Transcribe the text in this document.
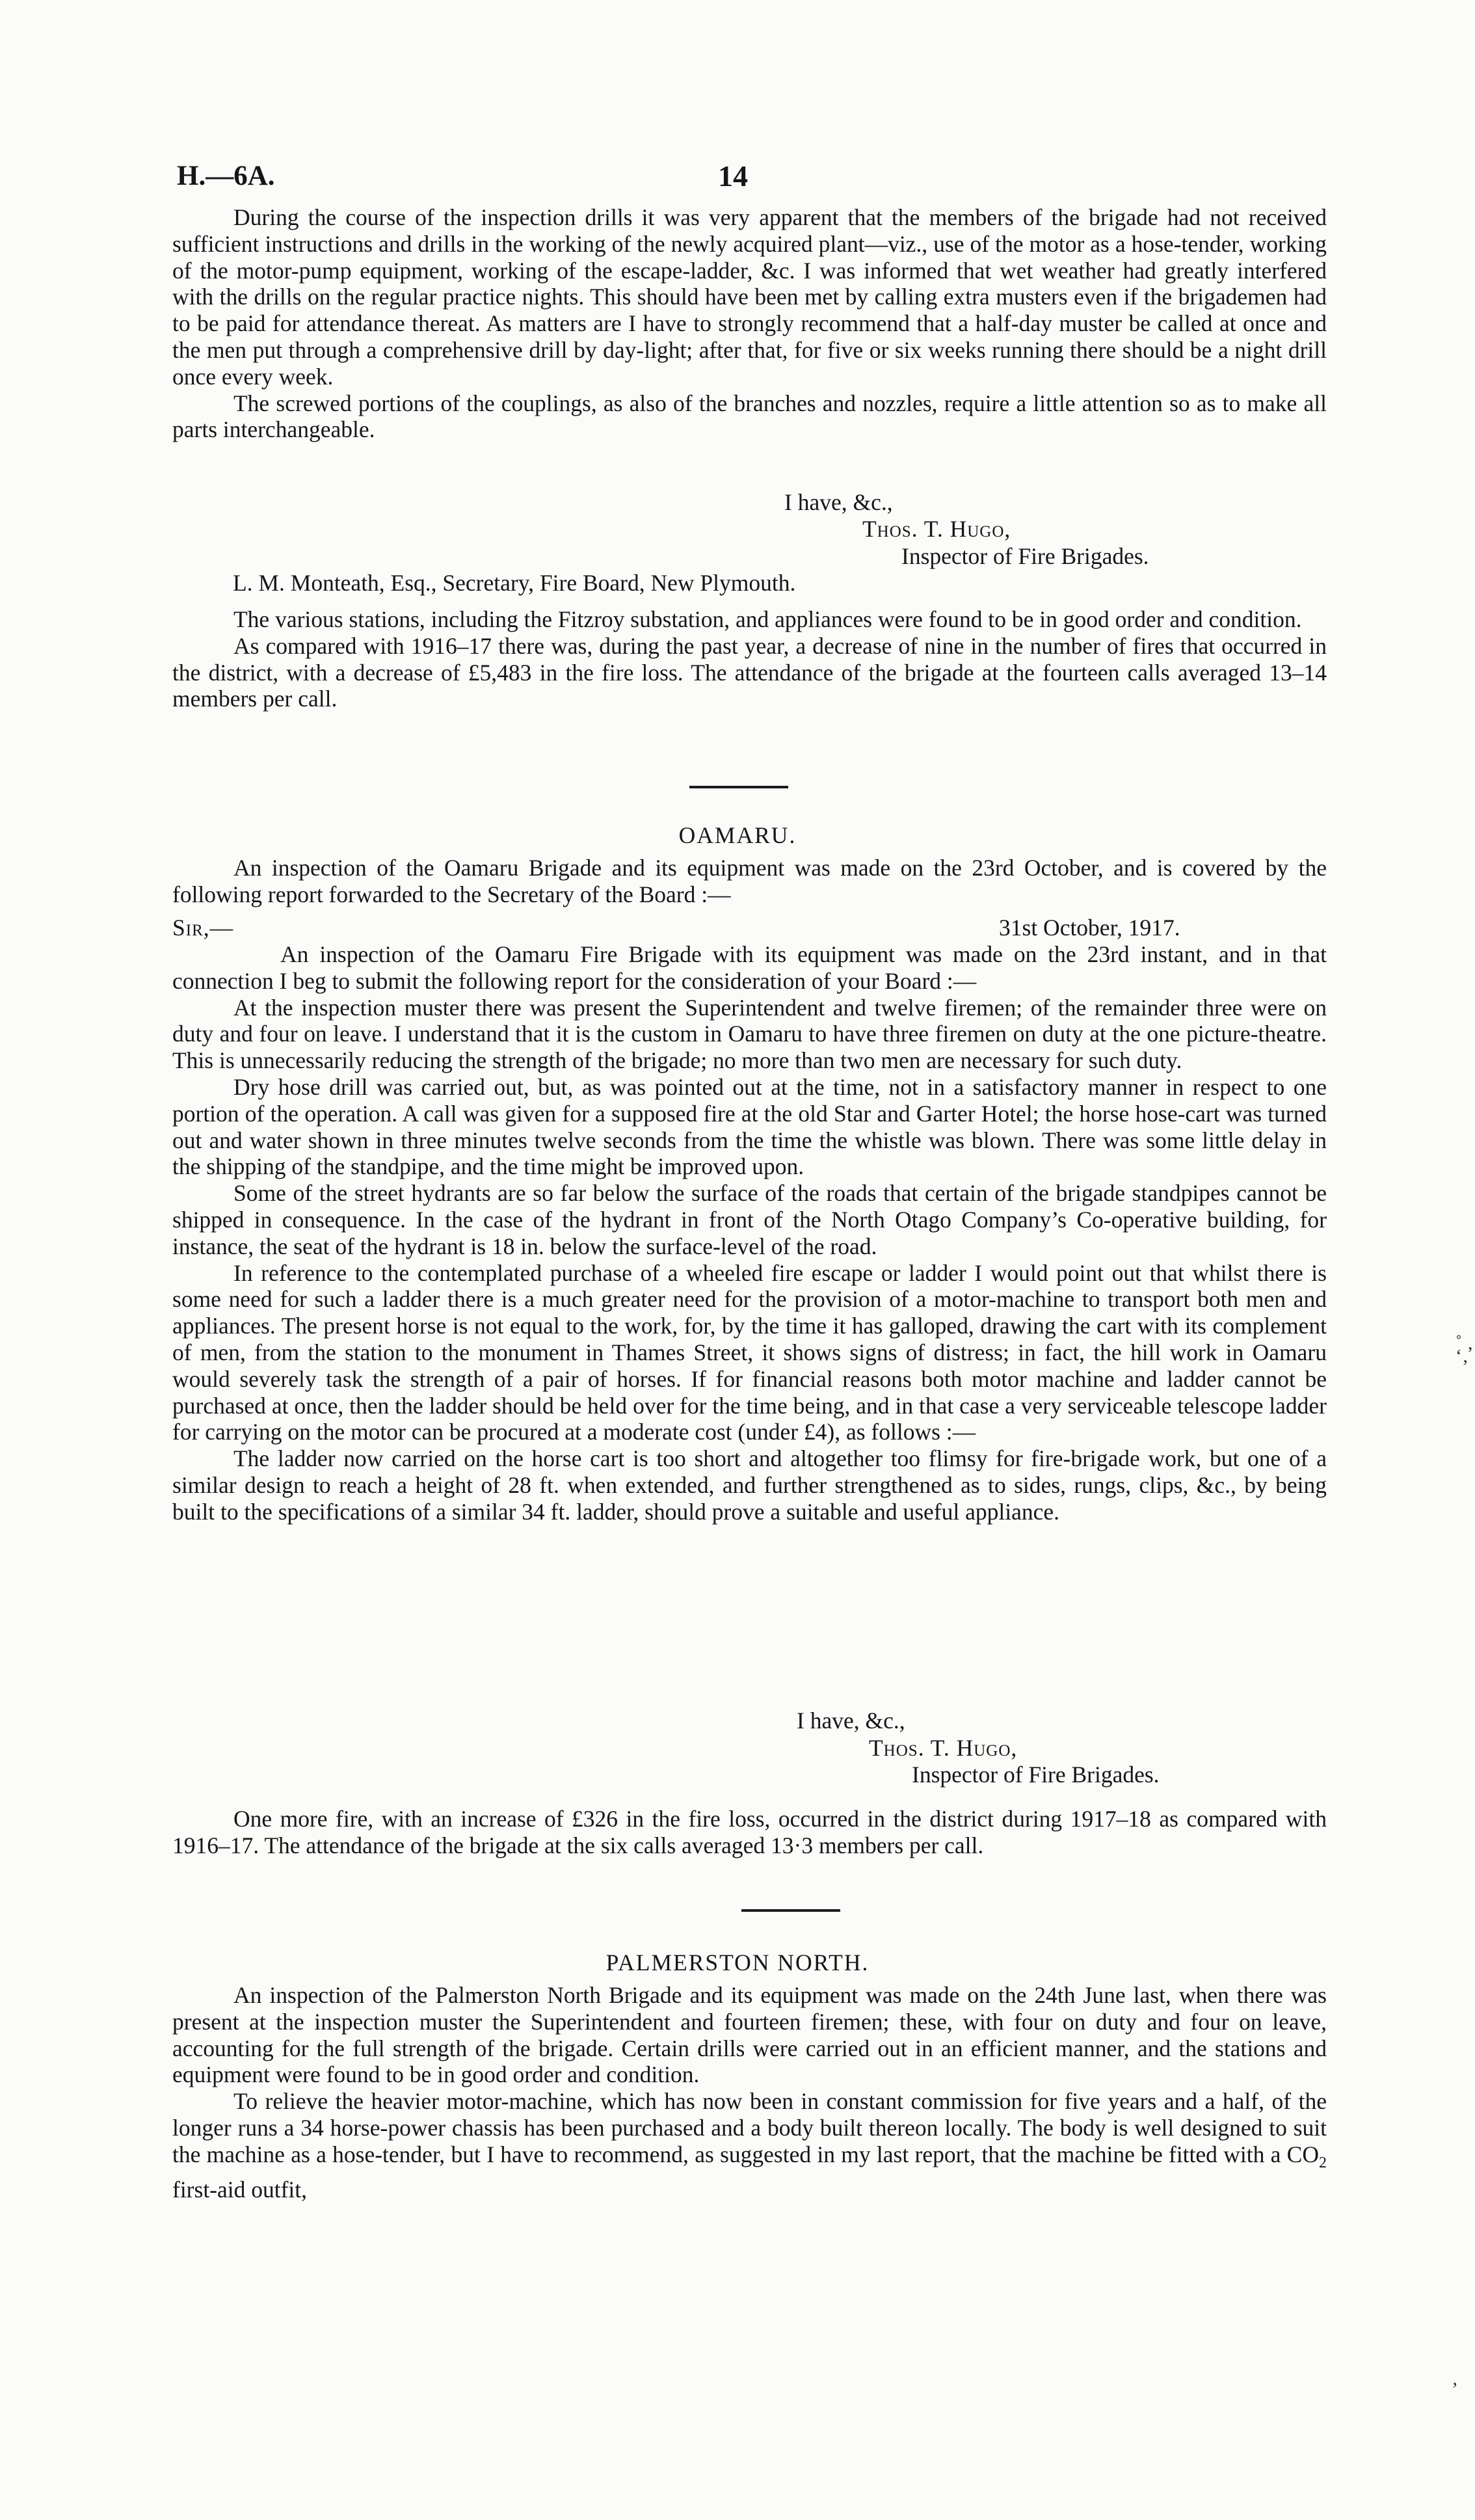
H.—6A.	14

During the course of the inspection drills it was very apparent that the members of the brigade had not received sufficient instructions and drills in the working of the newly acquired plant—viz., use of the motor as a hose-tender, working of the motor-pump equipment, working of the escape-ladder, &c. I was informed that wet weather had greatly interfered with the drills on the regular practice nights. This should have been met by calling extra musters even if the brigademen had to be paid for attendance thereat. As matters are I have to strongly recommend that a half-day muster be called at once and the men put through a comprehensive drill by day-light; after that, for five or six weeks running there should be a night drill once every week.

The screwed portions of the couplings, as also of the branches and nozzles, require a little attention so as to make all parts interchangeable.

I have, &c.,
Thos. T. Hugo,
Inspector of Fire Brigades.
L. M. Monteath, Esq., Secretary, Fire Board, New Plymouth.

The various stations, including the Fitzroy substation, and appliances were found to be in good order and condition.

As compared with 1916–17 there was, during the past year, a decrease of nine in the number of fires that occurred in the district, with a decrease of £5,483 in the fire loss. The attendance of the brigade at the fourteen calls averaged 13–14 members per call.

OAMARU.

An inspection of the Oamaru Brigade and its equipment was made on the 23rd October, and is covered by the following report forwarded to the Secretary of the Board :—

Sir,—	31st October, 1917.

An inspection of the Oamaru Fire Brigade with its equipment was made on the 23rd instant, and in that connection I beg to submit the following report for the consideration of your Board :—

At the inspection muster there was present the Superintendent and twelve firemen; of the remainder three were on duty and four on leave. I understand that it is the custom in Oamaru to have three firemen on duty at the one picture-theatre. This is unnecessarily reducing the strength of the brigade; no more than two men are necessary for such duty.

Dry hose drill was carried out, but, as was pointed out at the time, not in a satisfactory manner in respect to one portion of the operation. A call was given for a supposed fire at the old Star and Garter Hotel; the horse hose-cart was turned out and water shown in three minutes twelve seconds from the time the whistle was blown. There was some little delay in the shipping of the standpipe, and the time might be improved upon.

Some of the street hydrants are so far below the surface of the roads that certain of the brigade standpipes cannot be shipped in consequence. In the case of the hydrant in front of the North Otago Company’s Co-operative building, for instance, the seat of the hydrant is 18 in. below the surface-level of the road.

In reference to the contemplated purchase of a wheeled fire escape or ladder I would point out that whilst there is some need for such a ladder there is a much greater need for the provision of a motor-machine to transport both men and appliances. The present horse is not equal to the work, for, by the time it has galloped, drawing the cart with its complement of men, from the station to the monument in Thames Street, it shows signs of distress; in fact, the hill work in Oamaru would severely task the strength of a pair of horses. If for financial reasons both motor machine and ladder cannot be purchased at once, then the ladder should be held over for the time being, and in that case a very serviceable telescope ladder for carrying on the motor can be procured at a moderate cost (under £4), as follows :—

The ladder now carried on the horse cart is too short and altogether too flimsy for fire-brigade work, but one of a similar design to reach a height of 28 ft. when extended, and further strengthened as to sides, rungs, clips, &c., by being built to the specifications of a similar 34 ft. ladder, should prove a suitable and useful appliance.

I have, &c.,
Thos. T. Hugo,
Inspector of Fire Brigades.

One more fire, with an increase of £326 in the fire loss, occurred in the district during 1917–18 as compared with 1916–17. The attendance of the brigade at the six calls averaged 13·3 members per call.

PALMERSTON NORTH.

An inspection of the Palmerston North Brigade and its equipment was made on the 24th June last, when there was present at the inspection muster the Superintendent and fourteen firemen; these, with four on duty and four on leave, accounting for the full strength of the brigade. Certain drills were carried out in an efficient manner, and the stations and equipment were found to be in good order and condition.

To relieve the heavier motor-machine, which has now been in constant commission for five years and a half, of the longer runs a 34 horse-power chassis has been purchased and a body built thereon locally. The body is well designed to suit the machine as a hose-tender, but I have to recommend, as suggested in my last report, that the machine be fitted with a $CO_2$ first-aid outfit,

˚ ‚
‘‚
‚
